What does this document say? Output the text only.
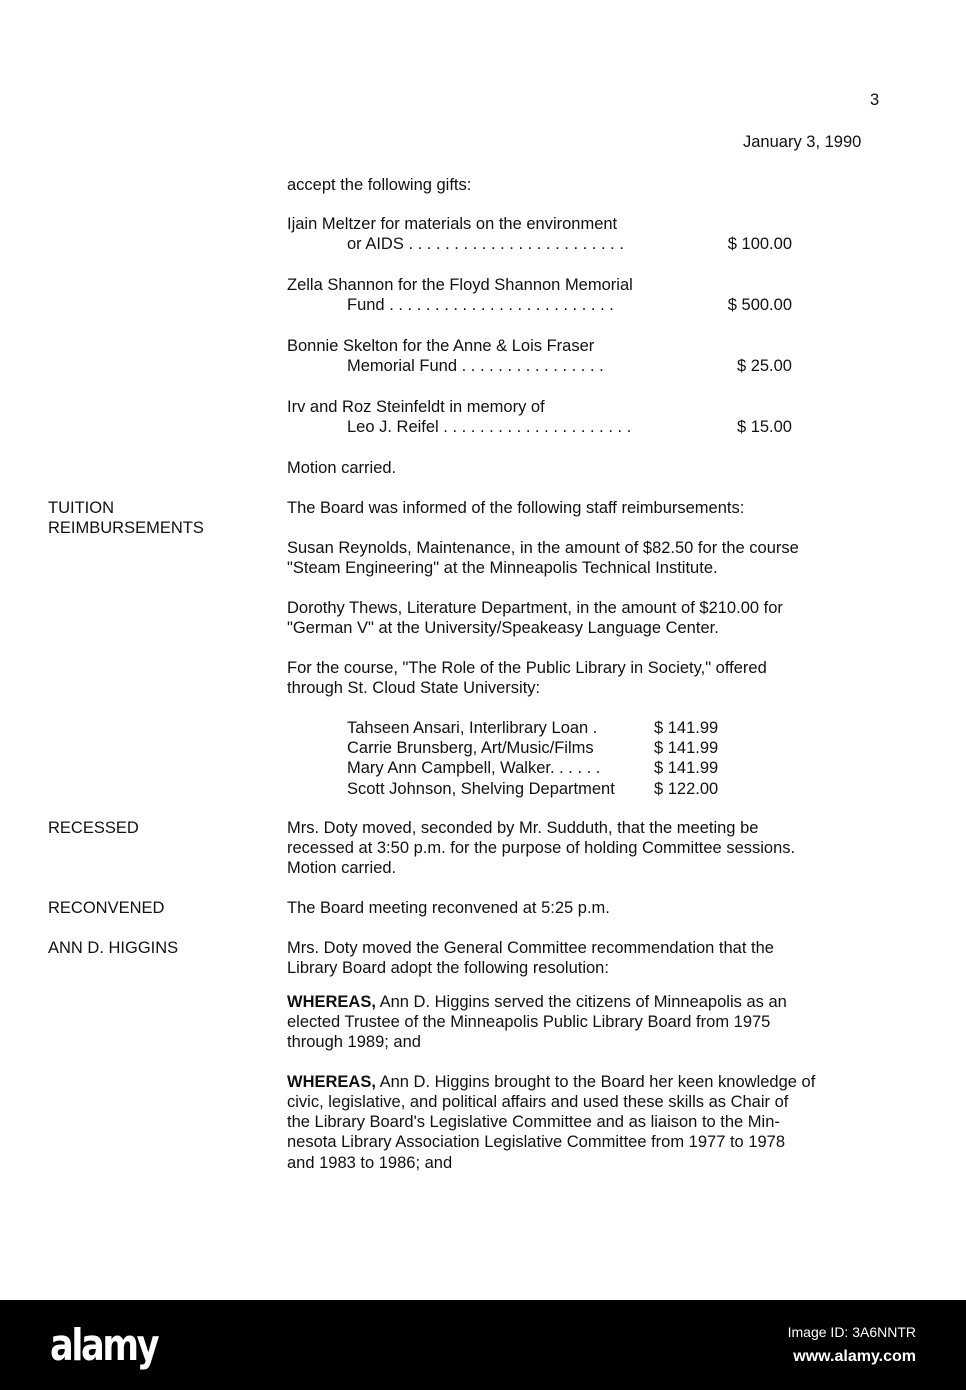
3
January 3, 1990
accept the following gifts:
Ijain Meltzer for materials on the environment
or AIDS . . . . . . . . . . . . . . . . . . . . . . . .	$ 100.00
Zella Shannon for the Floyd Shannon Memorial
Fund . . . . . . . . . . . . . . . . . . . . . . . . .	$ 500.00
Bonnie Skelton for the Anne & Lois Fraser
Memorial Fund . . . . . . . . . . . . . . . .	$ 25.00
Irv and Roz Steinfeldt in memory of
Leo J. Reifel . . . . . . . . . . . . . . . . . . . . .	$ 15.00
Motion carried.
TUITION
REIMBURSEMENTS
The Board was informed of the following staff reimbursements:
Susan Reynolds, Maintenance, in the amount of $82.50 for the course
"Steam Engineering" at the Minneapolis Technical Institute.
Dorothy Thews, Literature Department, in the amount of $210.00 for
"German V" at the University/Speakeasy Language Center.
For the course, "The Role of the Public Library in Society," offered
through St. Cloud State University:
Tahseen Ansari, Interlibrary Loan .	$ 141.99
Carrie Brunsberg, Art/Music/Films	$ 141.99
Mary Ann Campbell, Walker. . . . . .	$ 141.99
Scott Johnson, Shelving Department $ 122.00
RECESSED	Mrs. Doty moved, seconded by Mr. Sudduth, that the meeting be
recessed at 3:50 p.m. for the purpose of holding Committee sessions.
Motion carried.
RECONVENED	The Board meeting reconvened at 5:25 p.m.
ANN D. HIGGINS	Mrs. Doty moved the General Committee recommendation that the
Library Board adopt the following resolution:
WHEREAS, Ann D. Higgins served the citizens of Minneapolis as an
elected Trustee of the Minneapolis Public Library Board from 1975
through 1989; and
WHEREAS, Ann D. Higgins brought to the Board her keen knowledge of
civic, legislative, and political affairs and used these skills as Chair of
the Library Board's Legislative Committee and as liaison to the Min-
nesota Library Association Legislative Committee from 1977 to 1978
and 1983 to 1986; and
alamy	Image ID: 3A6NNTR
www.alamy.com
